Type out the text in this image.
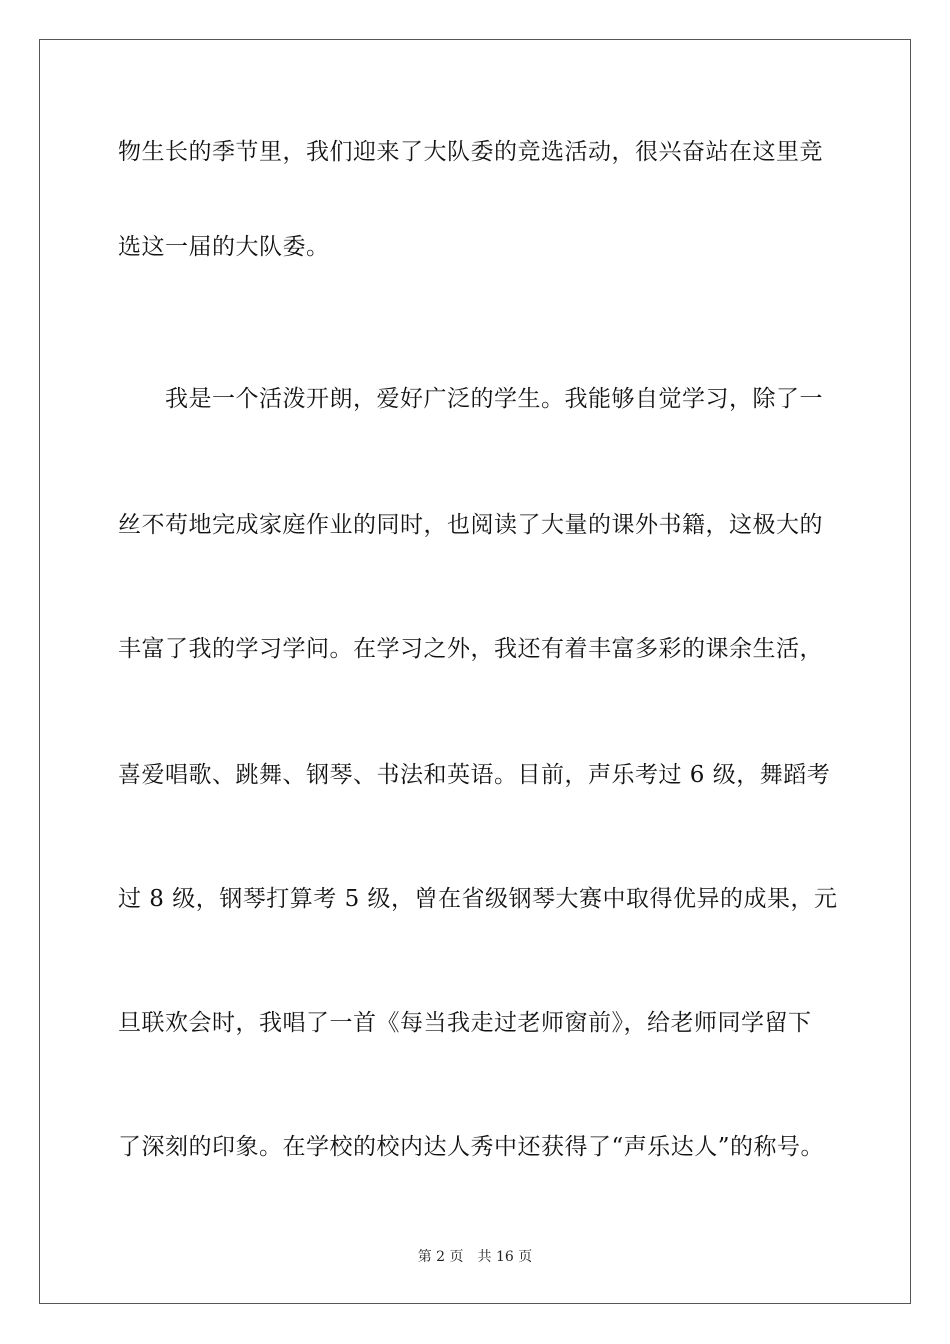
物生长的季节里，我们迎来了大队委的竞选活动，很兴奋站在这里竞
选这一届的大队委。
　　我是一个活泼开朗，爱好广泛的学生。我能够自觉学习，除了一
丝不苟地完成家庭作业的同时，也阅读了大量的课外书籍，这极大的
丰富了我的学习学问。在学习之外，我还有着丰富多彩的课余生活，
喜爱唱歌、跳舞、钢琴、书法和英语。目前，声乐考过 6 级，舞蹈考
过 8 级，钢琴打算考 5 级，曾在省级钢琴大赛中取得优异的成果，元
旦联欢会时，我唱了一首《每当我走过老师窗前》，给老师同学留下
了深刻的印象。在学校的校内达人秀中还获得了“声乐达人”的称号。
第 2 页 共 16 页
